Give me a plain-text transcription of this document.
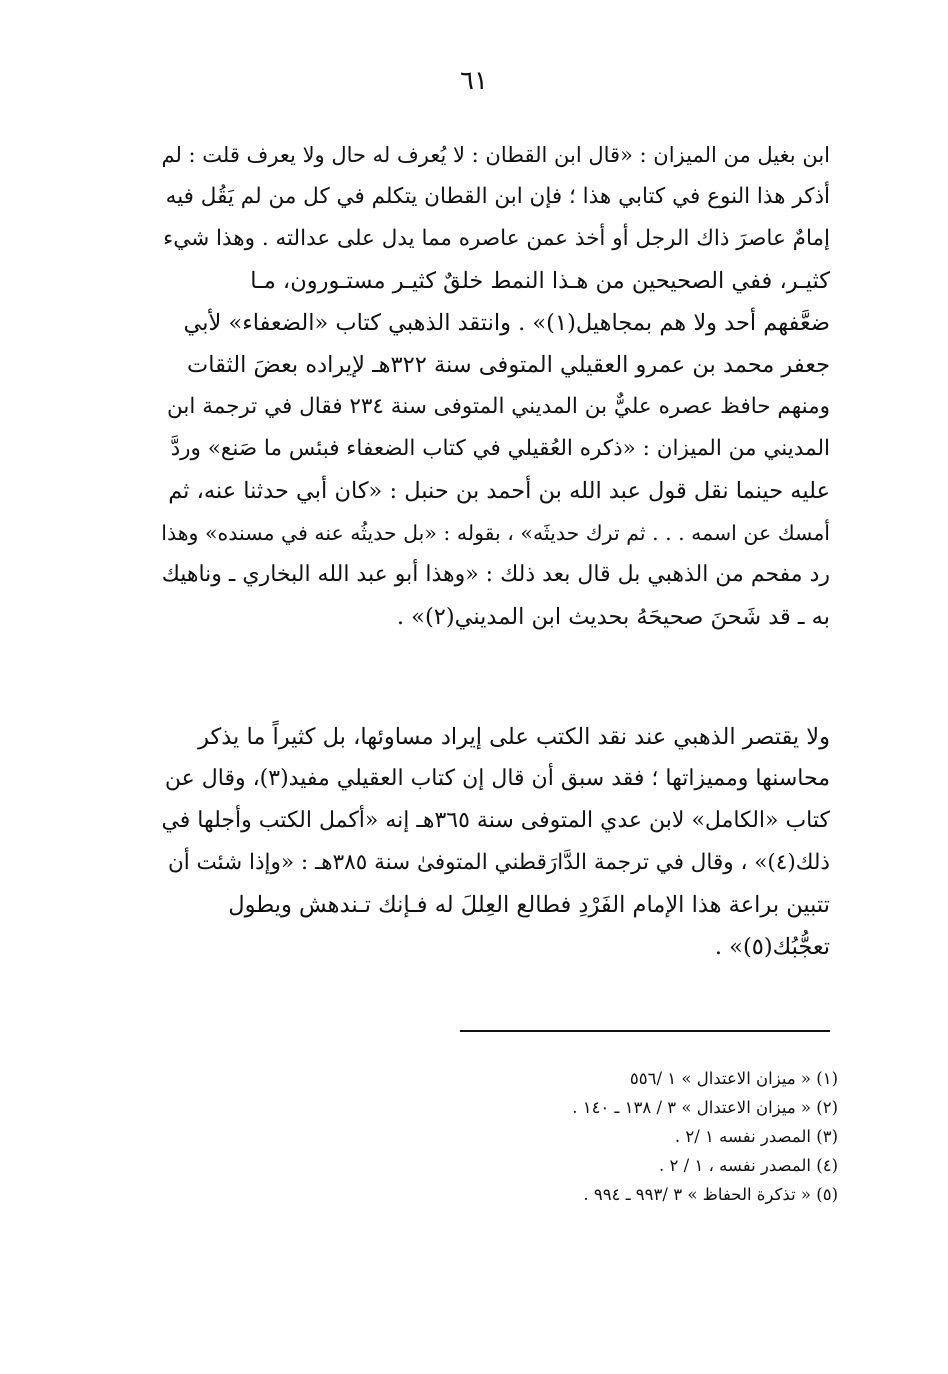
٦١
ابن بغيل من الميزان : «قال ابن القطان : لا يُعرف له حال ولا يعرف قلت : لم
أذكر هذا النوع في كتابي هذا ؛ فإن ابن القطان يتكلم في كل من لم يَقُل فيه
إمامٌ عاصرَ ذاك الرجل أو أخذ عمن عاصره مما يدل على عدالته . وهذا شيء
كثيـر، ففي الصحيحين من هـذا النمط خلقٌ كثيـر مستـورون، مـا
ضعَّفهم أحد ولا هم بمجاهيل(١)» . وانتقد الذهبي كتاب «الضعفاء» لأبي
جعفر محمد بن عمرو العقيلي المتوفى سنة ٣٢٢هـ لإيراده بعضَ الثقات
ومنهم حافظ عصره عليٌّ بن المديني المتوفى سنة ٢٣٤ فقال في ترجمة ابن
المديني من الميزان : «ذكره العُقيلي في كتاب الضعفاء فبئس ما صَنع» وردَّ
عليه حينما نقل قول عبد الله بن أحمد بن حنبل : «كان أبي حدثنا عنه، ثم
أمسك عن اسمه . . . ثم ترك حديثَه» ، بقوله : «بل حديثُه عنه في مسنده» وهذا
رد مفحم من الذهبي بل قال بعد ذلك : «وهذا أبو عبد الله البخاري ـ وناهيك
به ـ قد شَحنَ صحيحَهُ بحديث ابن المديني(٢)» .
ولا يقتصر الذهبي عند نقد الكتب على إيراد مساوئها، بل كثيراً ما يذكر
محاسنها ومميزاتها ؛ فقد سبق أن قال إن كتاب العقيلي مفيد(٣)، وقال عن
كتاب «الكامل» لابن عدي المتوفى سنة ٣٦٥هـ إنه «أكمل الكتب وأجلها في
ذلك(٤)» ، وقال في ترجمة الدَّارَقطني المتوفىٰ سنة ٣٨٥هـ : «وإذا شئت أن
تتبين براعة هذا الإمام الفَرْدِ فطالع العِللَ له فـإنك تـندهش ويطول
تعجُّبُك(٥)» .
(١) « ميزان الاعتدال » ١ /٥٥٦
(٢) « ميزان الاعتدال » ٣ / ١٣٨ ـ ١٤٠ .
(٣) المصدر نفسه ١ /٢ .
(٤) المصدر نفسه ، ١ / ٢ .
(٥) « تذكرة الحفاظ » ٣ /٩٩٣ ـ ٩٩٤ .
